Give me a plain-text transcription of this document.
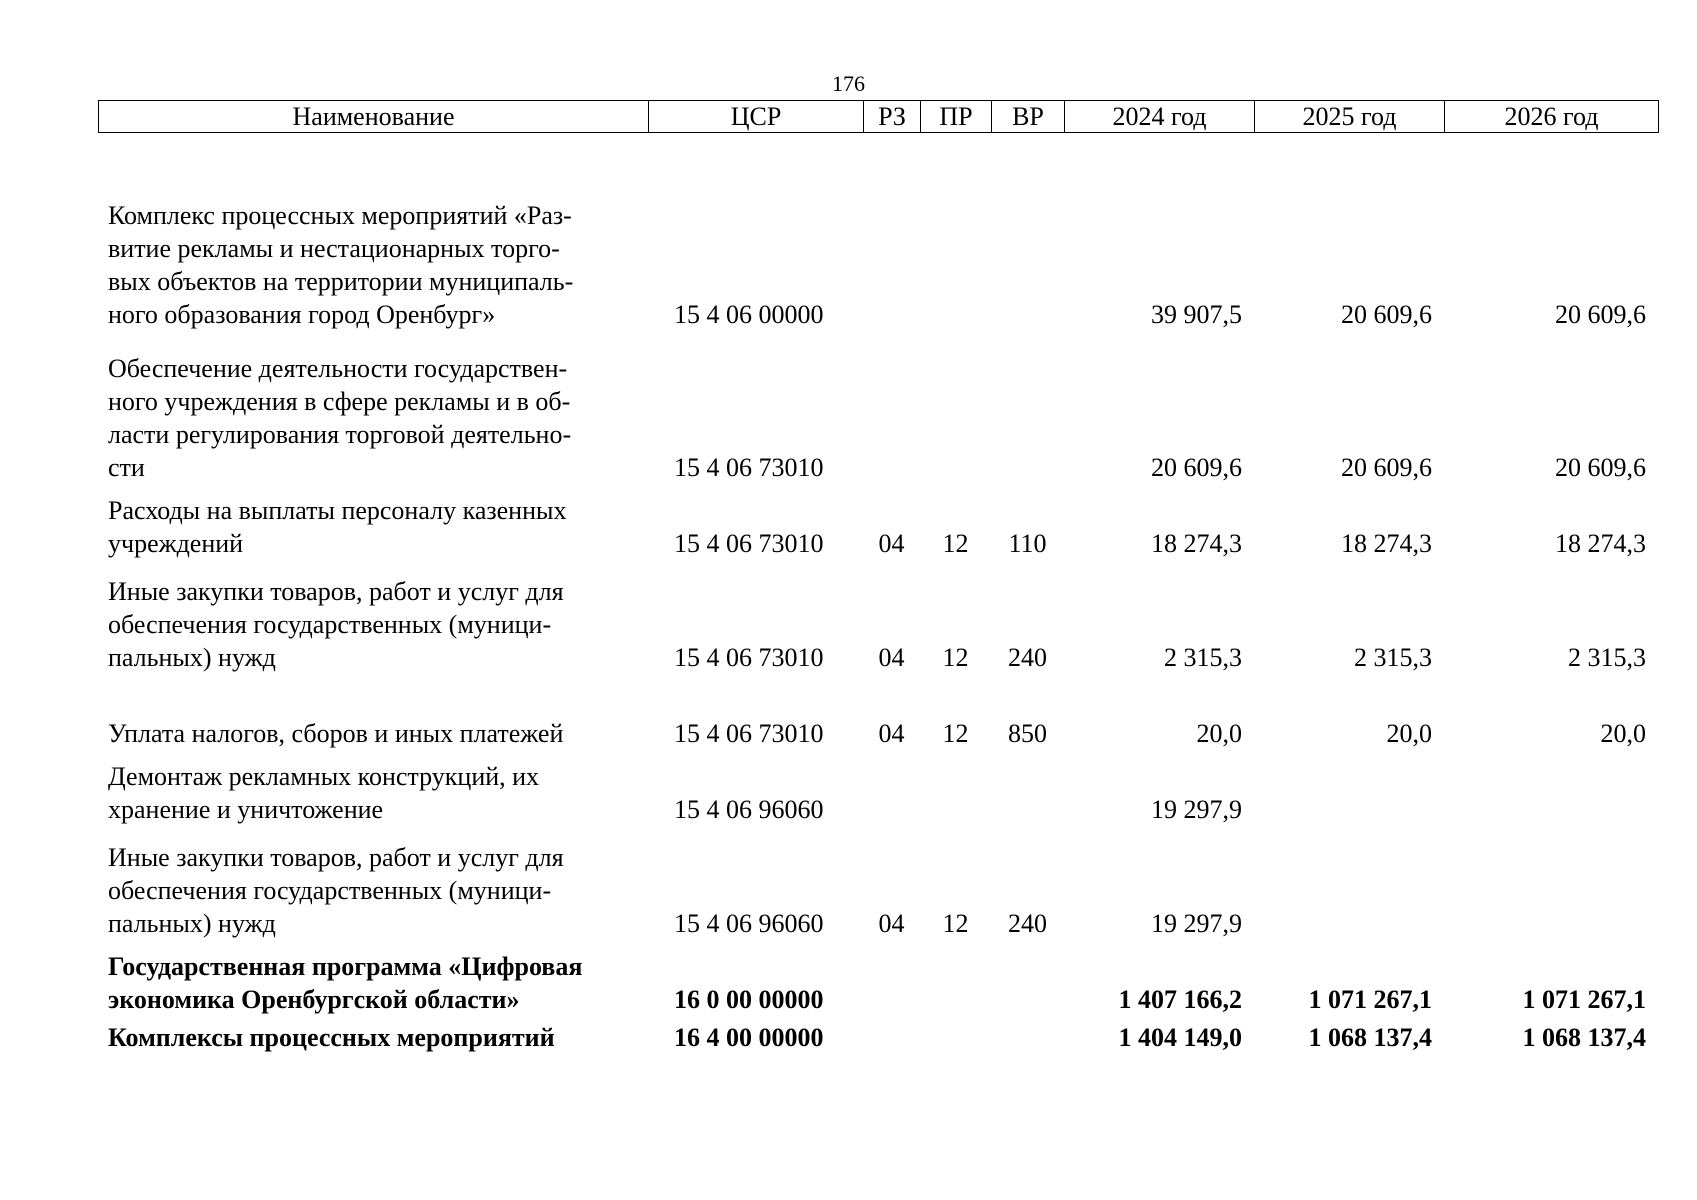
176
Наименование	ЦСР	РЗ	ПР	ВР	2024 год	2025 год	2026 год
Комплекс процессных мероприятий «Раз-
витие рекламы и нестационарных торго-
вых объектов на территории муниципаль-
ного образования город Оренбург»	15 4 06 00000				39 907,5	20 609,6	20 609,6
Обеспечение деятельности государствен-
ного учреждения в сфере рекламы и в об-
ласти регулирования торговой деятельно-
сти	15 4 06 73010				20 609,6	20 609,6	20 609,6
Расходы на выплаты персоналу казенных
учреждений	15 4 06 73010	04	12	110	18 274,3	18 274,3	18 274,3
Иные закупки товаров, работ и услуг для
обеспечения государственных (муници-
пальных) нужд	15 4 06 73010	04	12	240	2 315,3	2 315,3	2 315,3
Уплата налогов, сборов и иных платежей	15 4 06 73010	04	12	850	20,0	20,0	20,0
Демонтаж рекламных конструкций, их
хранение и уничтожение	15 4 06 96060				19 297,9		
Иные закупки товаров, работ и услуг для
обеспечения государственных (муници-
пальных) нужд	15 4 06 96060	04	12	240	19 297,9		
Государственная программа «Цифровая
экономика Оренбургской области»	16 0 00 00000				1 407 166,2	1 071 267,1	1 071 267,1
Комплексы процессных мероприятий	16 4 00 00000				1 404 149,0	1 068 137,4	1 068 137,4
